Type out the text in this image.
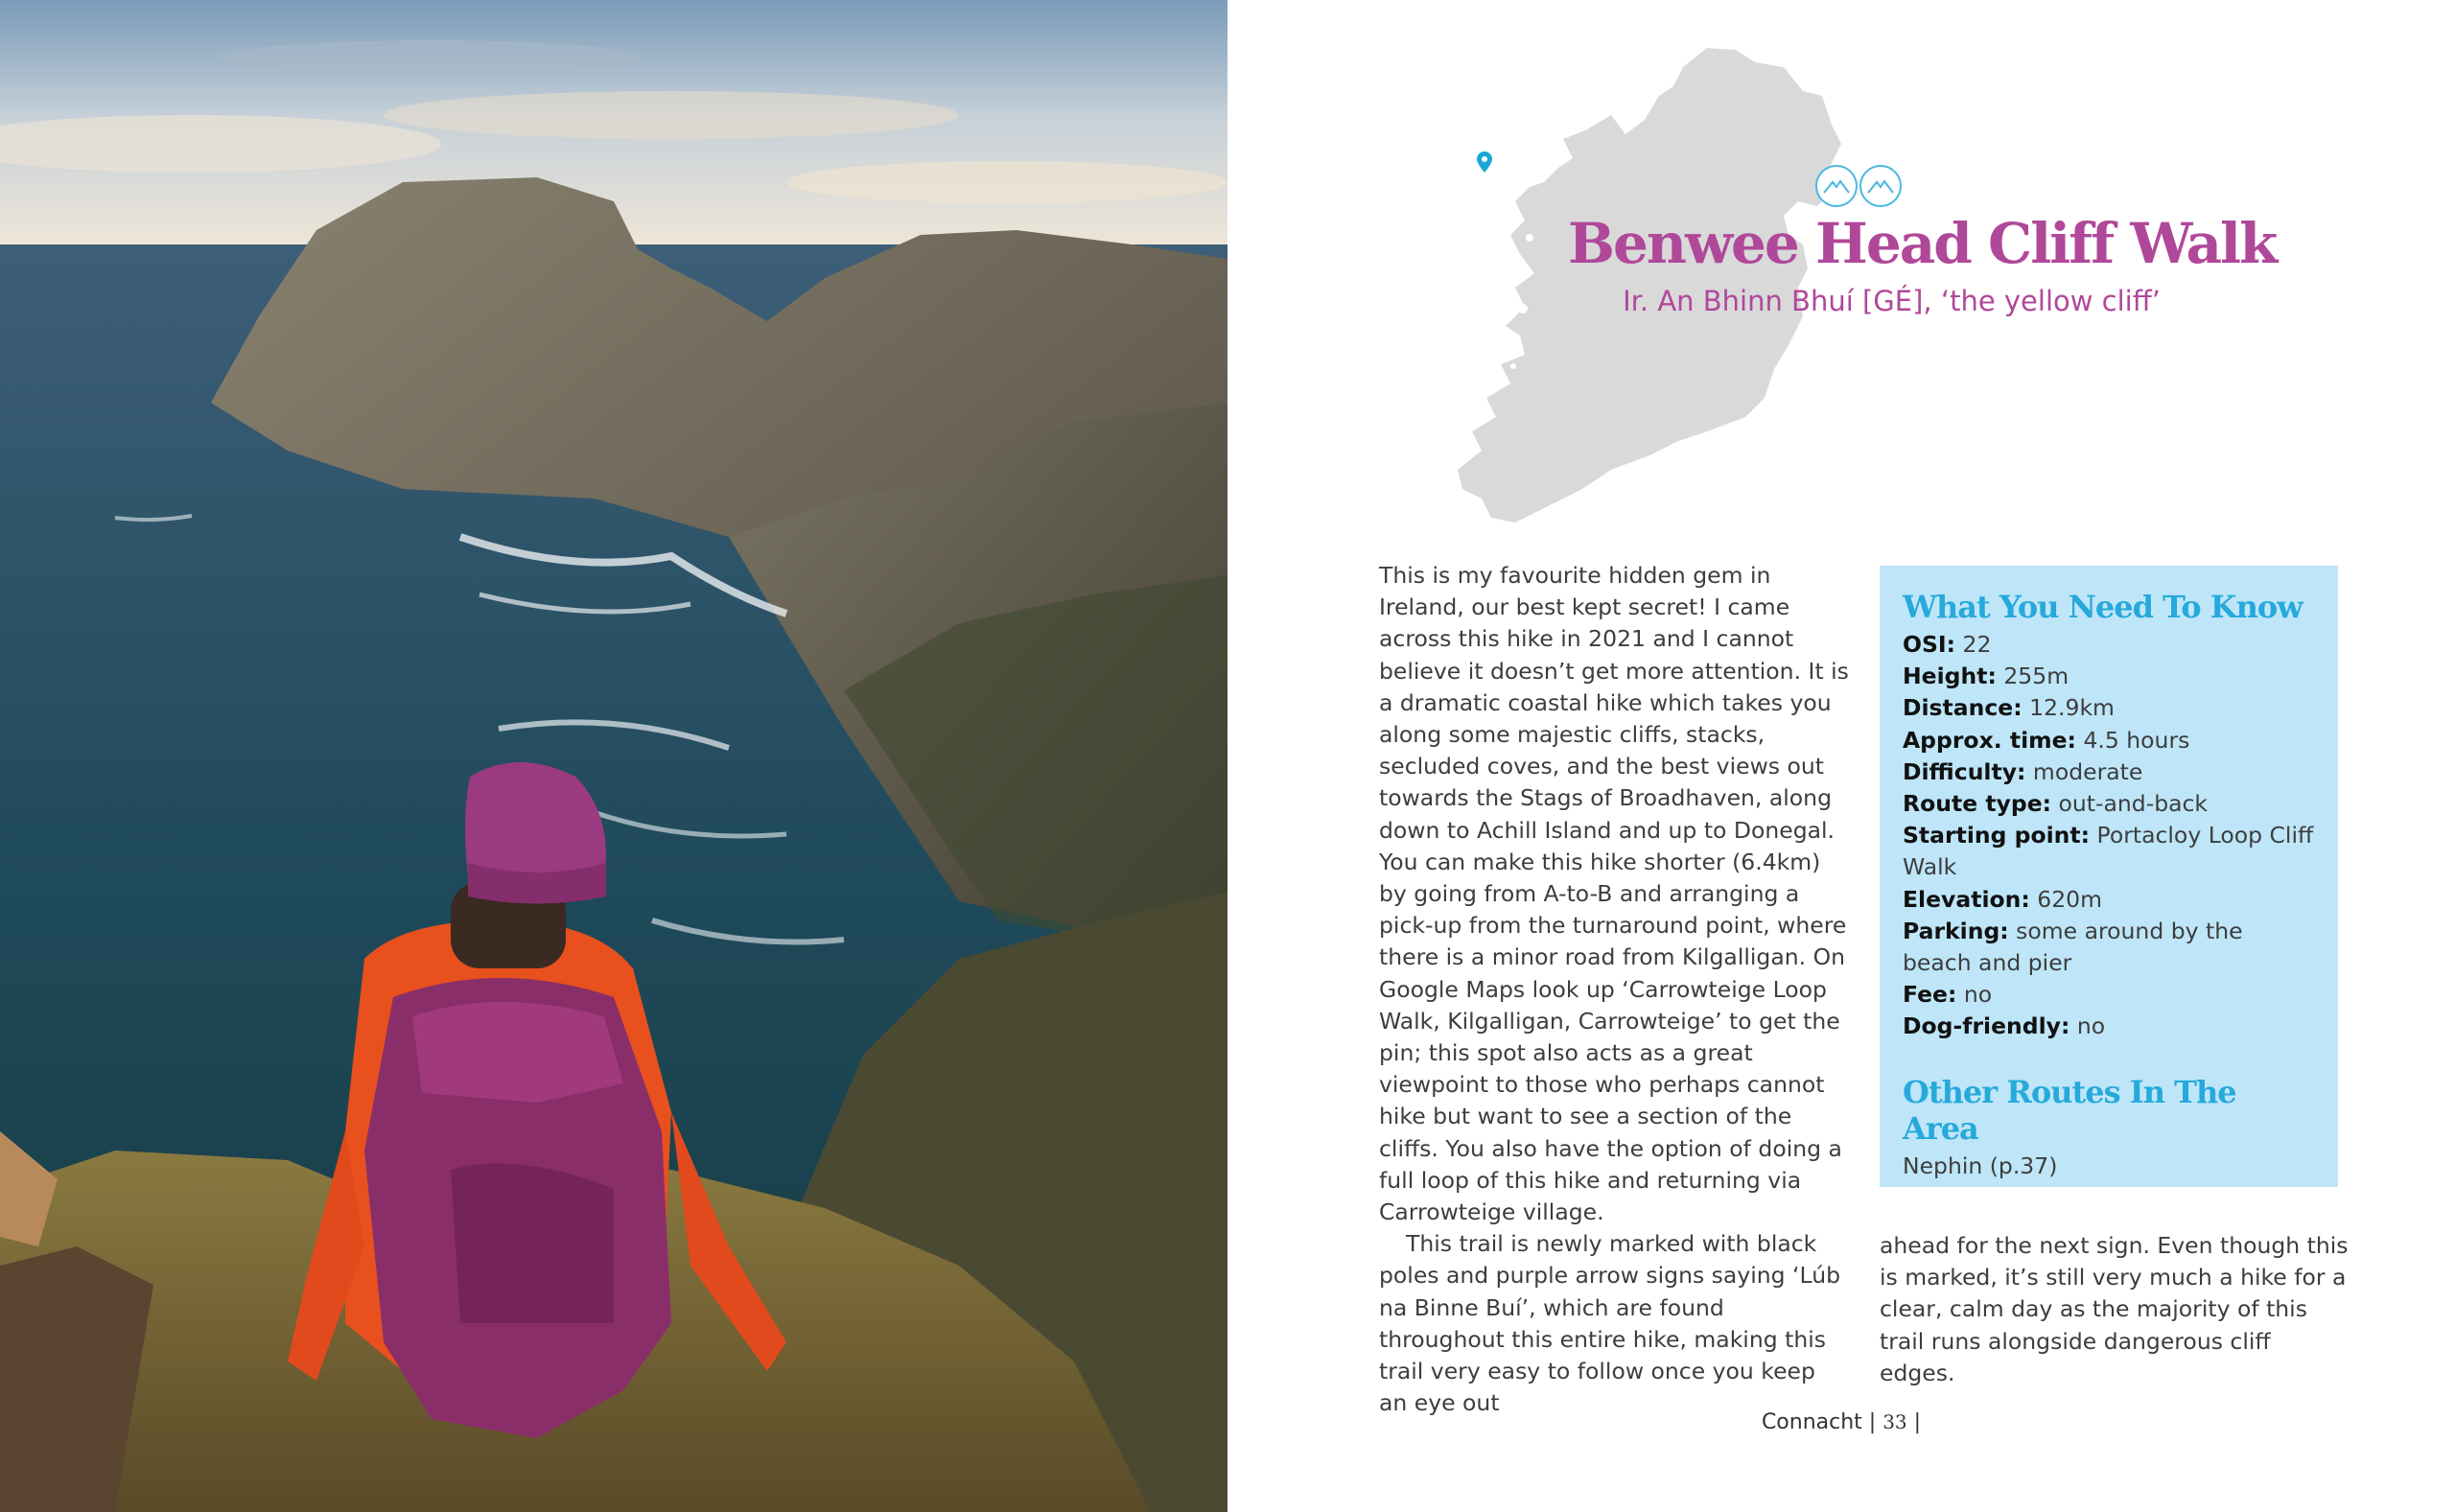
Benwee Head Cliff Walk
Ir. An Bhinn Bhuí [GÉ], ‘the yellow cliff’

This is my favourite hidden gem in Ireland, our best kept secret! I came across this hike in 2021 and I cannot believe it doesn’t get more attention. It is a dramatic coastal hike which takes you along some majestic cliffs, stacks, secluded coves, and the best views out towards the Stags of Broadhaven, along down to Achill Island and up to Donegal. You can make this hike shorter (6.4km) by going from A-to-B and arranging a pick-up from the turnaround point, where there is a minor road from Kilgalligan. On Google Maps look up ‘Carrowteige Loop Walk, Kilgalligan, Carrowteige’ to get the pin; this spot also acts as a great viewpoint to those who perhaps cannot hike but want to see a section of the cliffs. You also have the option of doing a full loop of this hike and returning via Carrowteige village.

This trail is newly marked with black poles and purple arrow signs saying ‘Lúb na Binne Buí’, which are found throughout this entire hike, making this trail very easy to follow once you keep an eye out

What You Need To Know
OSI: 22
Height: 255m
Distance: 12.9km
Approx. time: 4.5 hours
Difficulty: moderate
Route type: out-and-back
Starting point: Portacloy Loop Cliff Walk
Elevation: 620m
Parking: some around by the beach and pier
Fee: no
Dog-friendly: no
Other Routes In The Area
Nephin (p.37)

ahead for the next sign. Even though this is marked, it’s still very much a hike for a clear, calm day as the majority of this trail runs alongside dangerous cliff edges.

Connacht | 33 |
